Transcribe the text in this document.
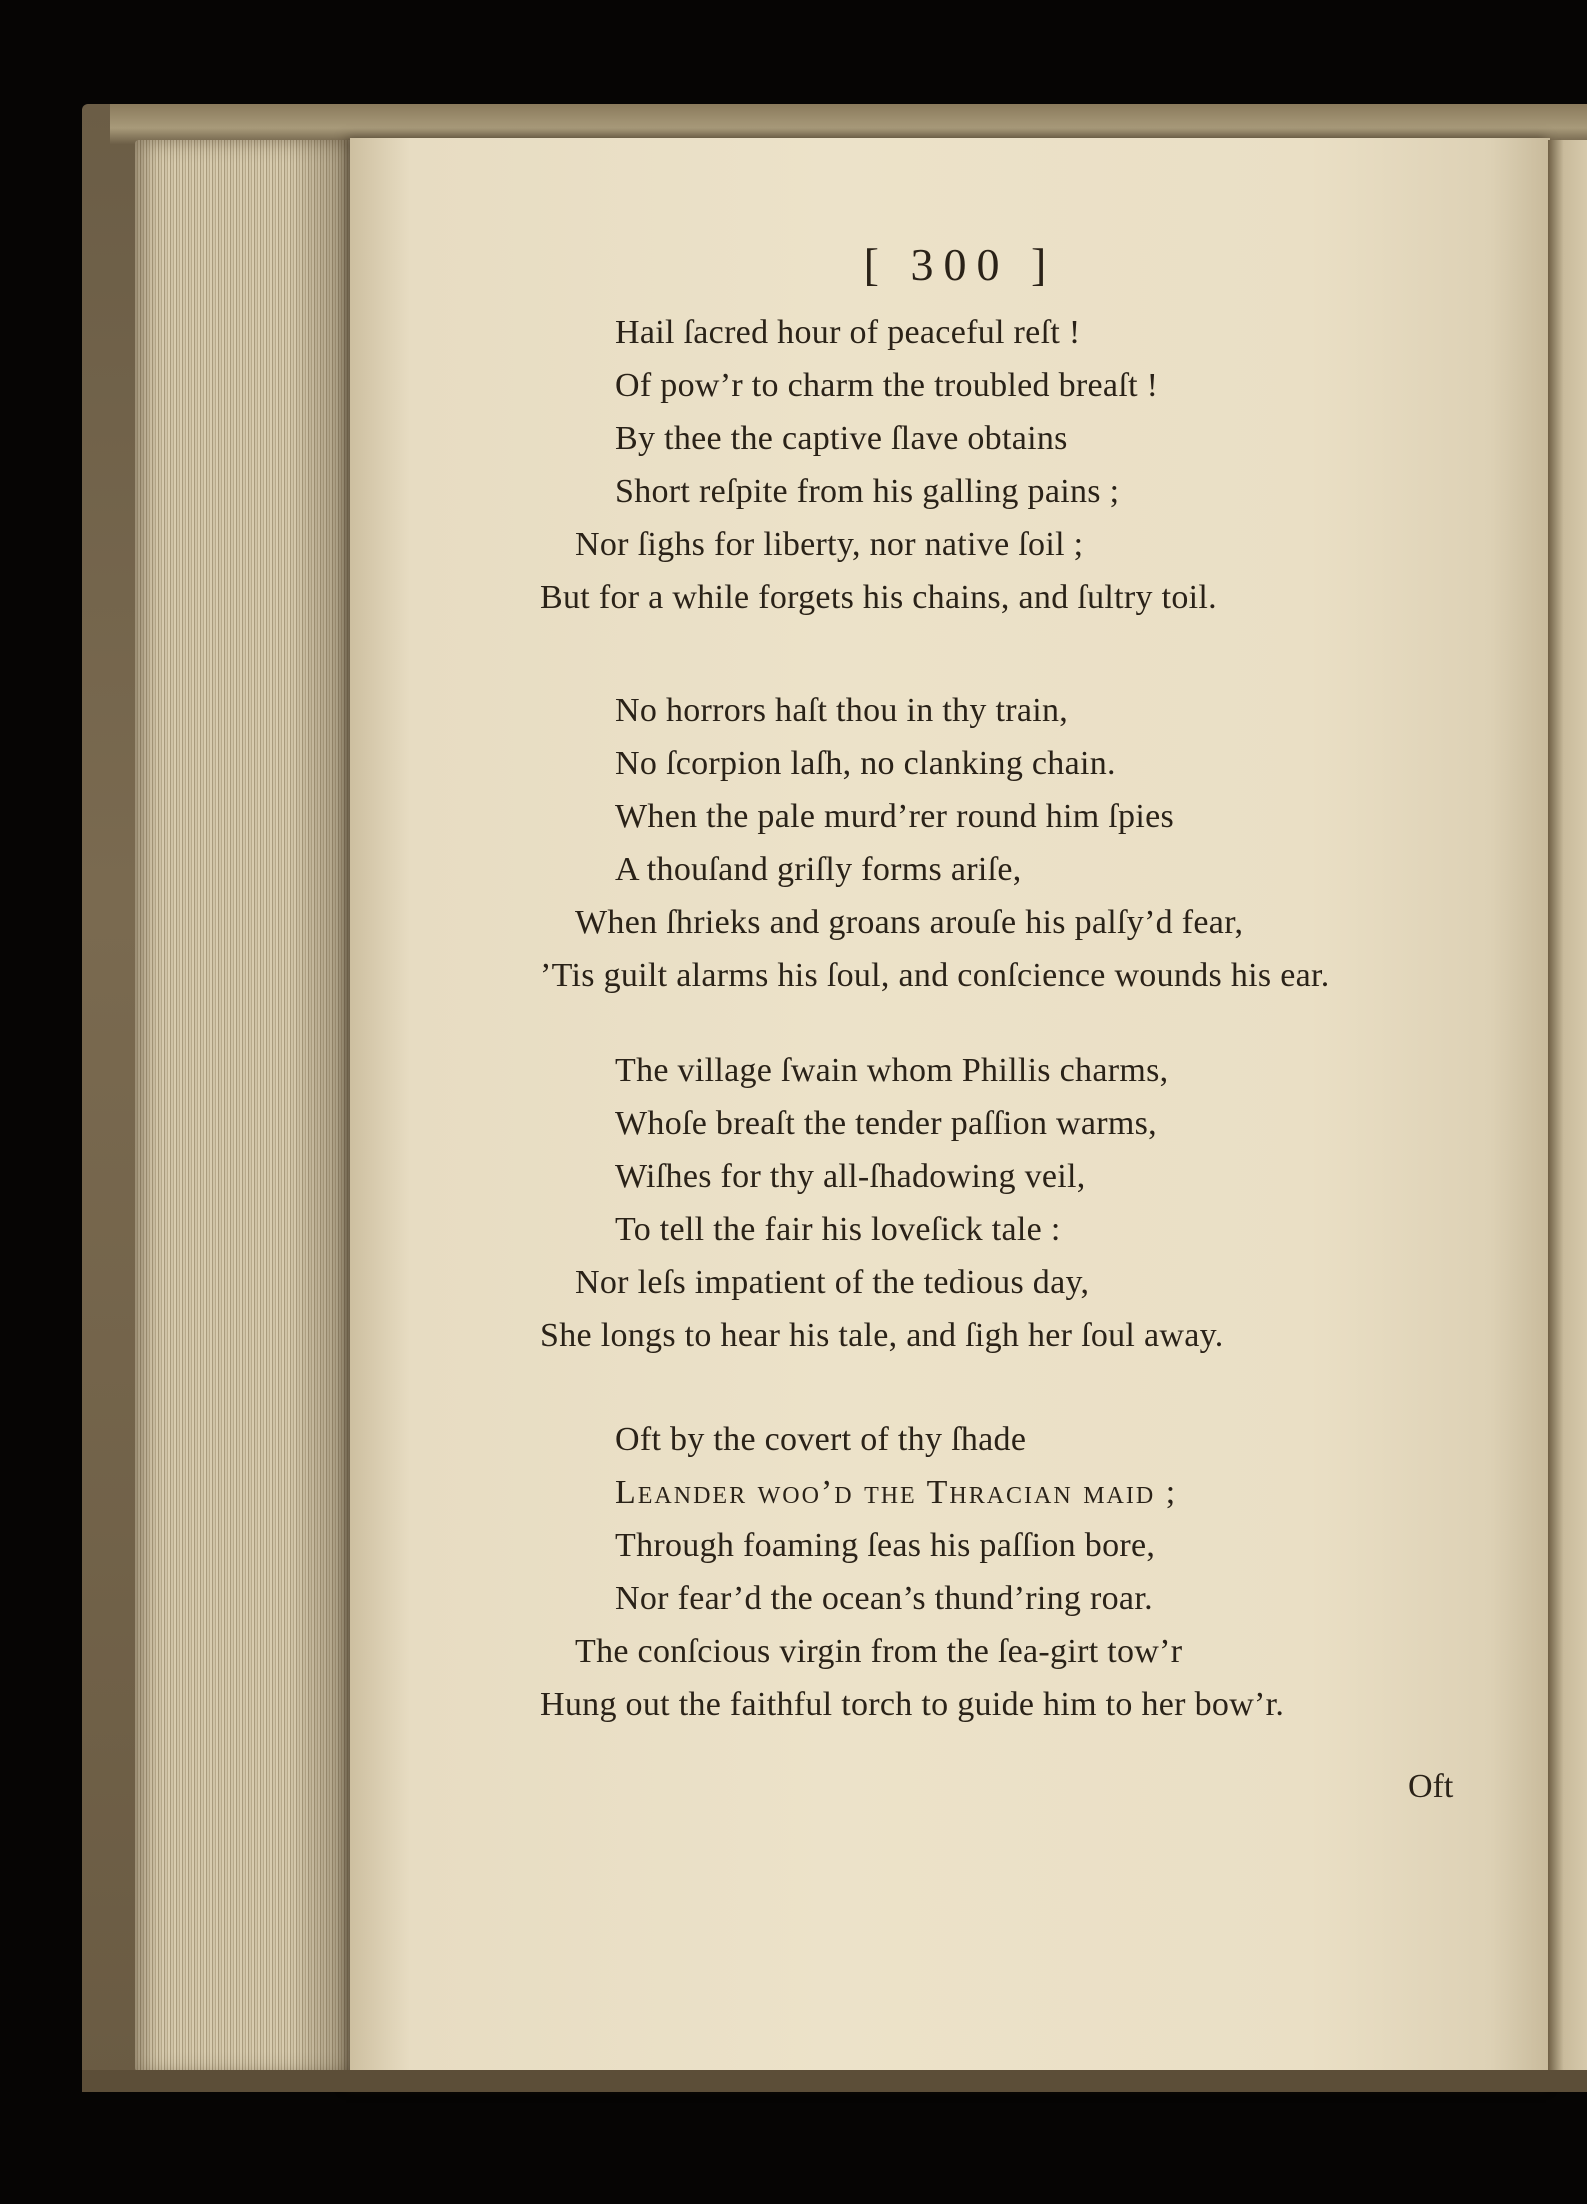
[ 300 ]
Hail ſacred hour of peaceful reſt !
Of pow’r to charm the troubled breaſt !
By thee the captive ſlave obtains
Short reſpite from his galling pains ;
Nor ſighs for liberty, nor native ſoil ;
But for a while forgets his chains, and ſultry toil.
No horrors haſt thou in thy train,
No ſcorpion laſh, no clanking chain.
When the pale murd’rer round him ſpies
A thouſand griſly forms ariſe,
When ſhrieks and groans arouſe his palſy’d fear,
’Tis guilt alarms his ſoul, and conſcience wounds his ear.
The village ſwain whom Phillis charms,
Whoſe breaſt the tender paſſion warms,
Wiſhes for thy all-ſhadowing veil,
To tell the fair his loveſick tale :
Nor leſs impatient of the tedious day,
She longs to hear his tale, and ſigh her ſoul away.
Oft by the covert of thy ſhade
Leander woo’d the Thracian maid ;
Through foaming ſeas his paſſion bore,
Nor fear’d the ocean’s thund’ring roar.
The conſcious virgin from the ſea-girt tow’r
Hung out the faithful torch to guide him to her bow’r.
Oft
